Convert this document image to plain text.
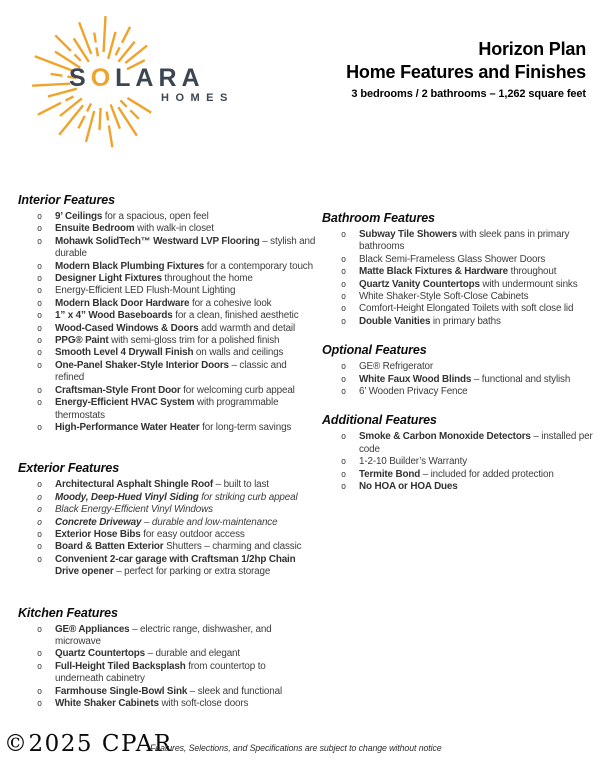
SOLARA
HOMES
Horizon Plan
Home Features and Finishes
3 bedrooms / 2 bathrooms – 1,262 square feet
Interior Features
o 9’ Ceilings for a spacious, open feel
o Ensuite Bedroom with walk-in closet
o Mohawk SolidTech™ Westward LVP Flooring – stylish and durable
o Modern Black Plumbing Fixtures for a contemporary touch
o Designer Light Fixtures throughout the home
o Energy-Efficient LED Flush-Mount Lighting
o Modern Black Door Hardware for a cohesive look
o 1” x 4” Wood Baseboards for a clean, finished aesthetic
o Wood-Cased Windows & Doors add warmth and detail
o PPG® Paint with semi-gloss trim for a polished finish
o Smooth Level 4 Drywall Finish on walls and ceilings
o One-Panel Shaker-Style Interior Doors – classic and refined
o Craftsman-Style Front Door for welcoming curb appeal
o Energy-Efficient HVAC System with programmable thermostats
o High-Performance Water Heater for long-term savings
Exterior Features
o Architectural Asphalt Shingle Roof – built to last
o Moody, Deep-Hued Vinyl Siding for striking curb appeal
o Black Energy-Efficient Vinyl Windows
o Concrete Driveway – durable and low-maintenance
o Exterior Hose Bibs for easy outdoor access
o Board & Batten Exterior Shutters – charming and classic
o Convenient 2-car garage with Craftsman 1/2hp Chain Drive opener – perfect for parking or extra storage
Kitchen Features
o GE® Appliances – electric range, dishwasher, and microwave
o Quartz Countertops – durable and elegant
o Full-Height Tiled Backsplash from countertop to underneath cabinetry
o Farmhouse Single-Bowl Sink – sleek and functional
o White Shaker Cabinets with soft-close doors
Bathroom Features
o Subway Tile Showers with sleek pans in primary bathrooms
o Black Semi-Frameless Glass Shower Doors
o Matte Black Fixtures & Hardware throughout
o Quartz Vanity Countertops with undermount sinks
o White Shaker-Style Soft-Close Cabinets
o Comfort-Height Elongated Toilets with soft close lid
o Double Vanities in primary baths
Optional Features
o GE® Refrigerator
o White Faux Wood Blinds – functional and stylish
o 6’ Wooden Privacy Fence
Additional Features
o Smoke & Carbon Monoxide Detectors – installed per code
o 1-2-10 Builder’s Warranty
o Termite Bond – included for added protection
o No HOA or HOA Dues
©2025 CPAR
Features, Selections, and Specifications are subject to change without notice
